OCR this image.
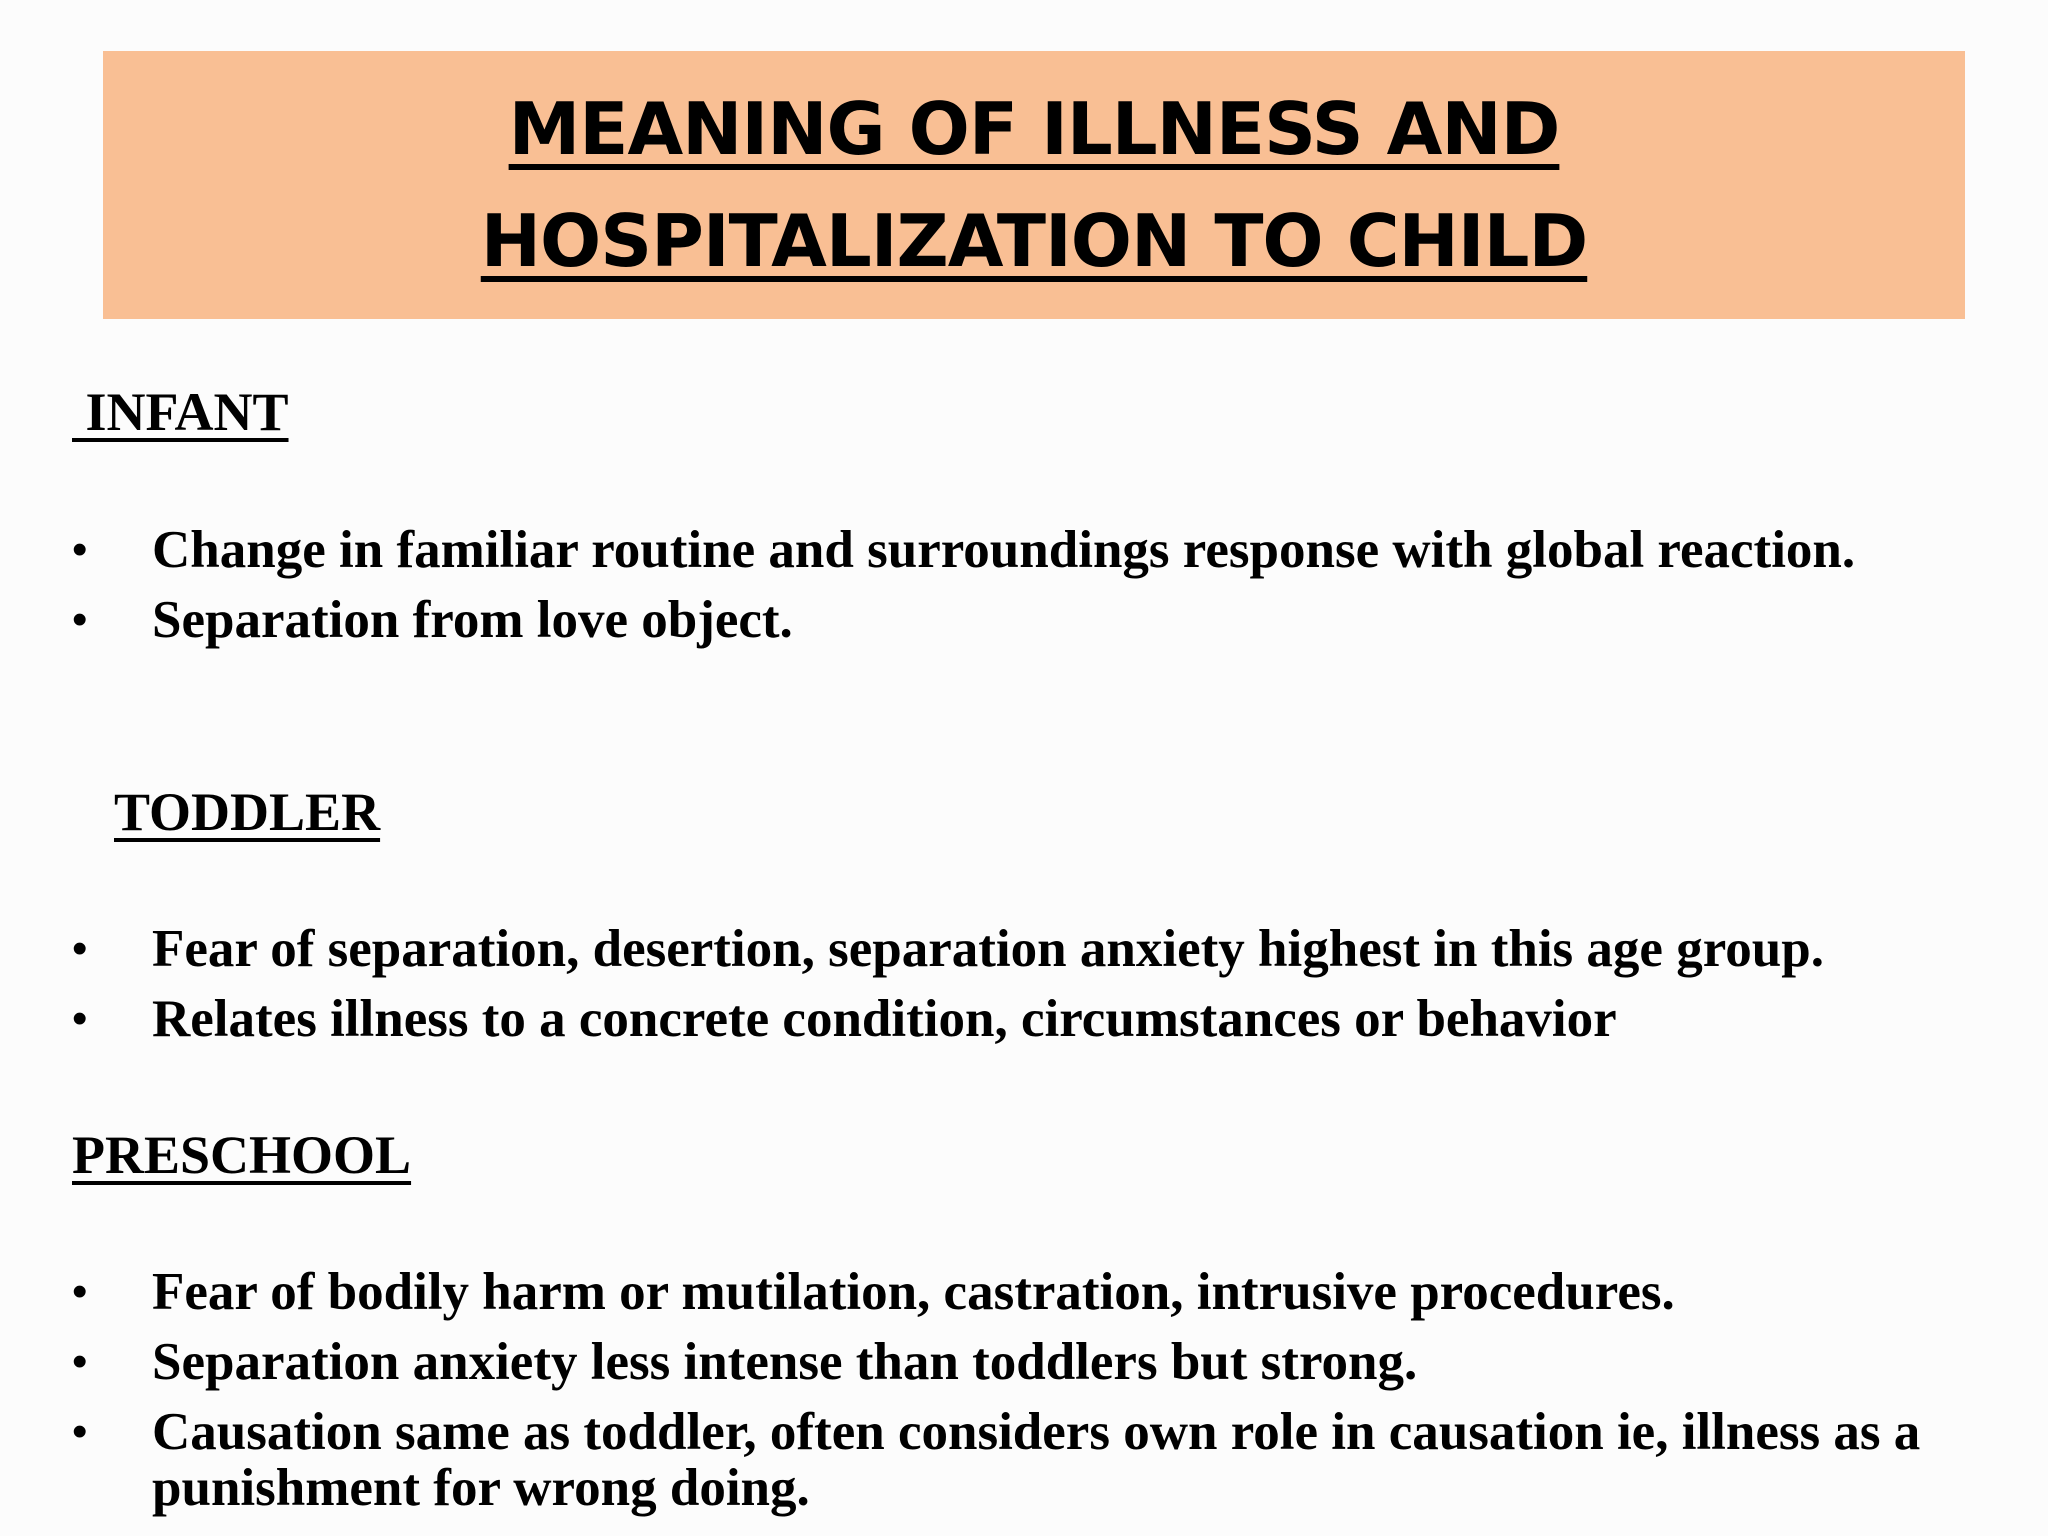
MEANING OF ILLNESS AND HOSPITALIZATION TO CHILD
INFANT
•	Change in familiar routine and surroundings response with global reaction.
•	Separation from love object.
TODDLER
•	Fear of separation, desertion, separation anxiety highest in this age group.
•	Relates illness to a concrete condition, circumstances or behavior
PRESCHOOL
•	Fear of bodily harm or mutilation, castration, intrusive procedures.
•	Separation anxiety less intense than toddlers but strong.
•	Causation same as toddler, often considers own role in causation ie, illness as a punishment for wrong doing.
